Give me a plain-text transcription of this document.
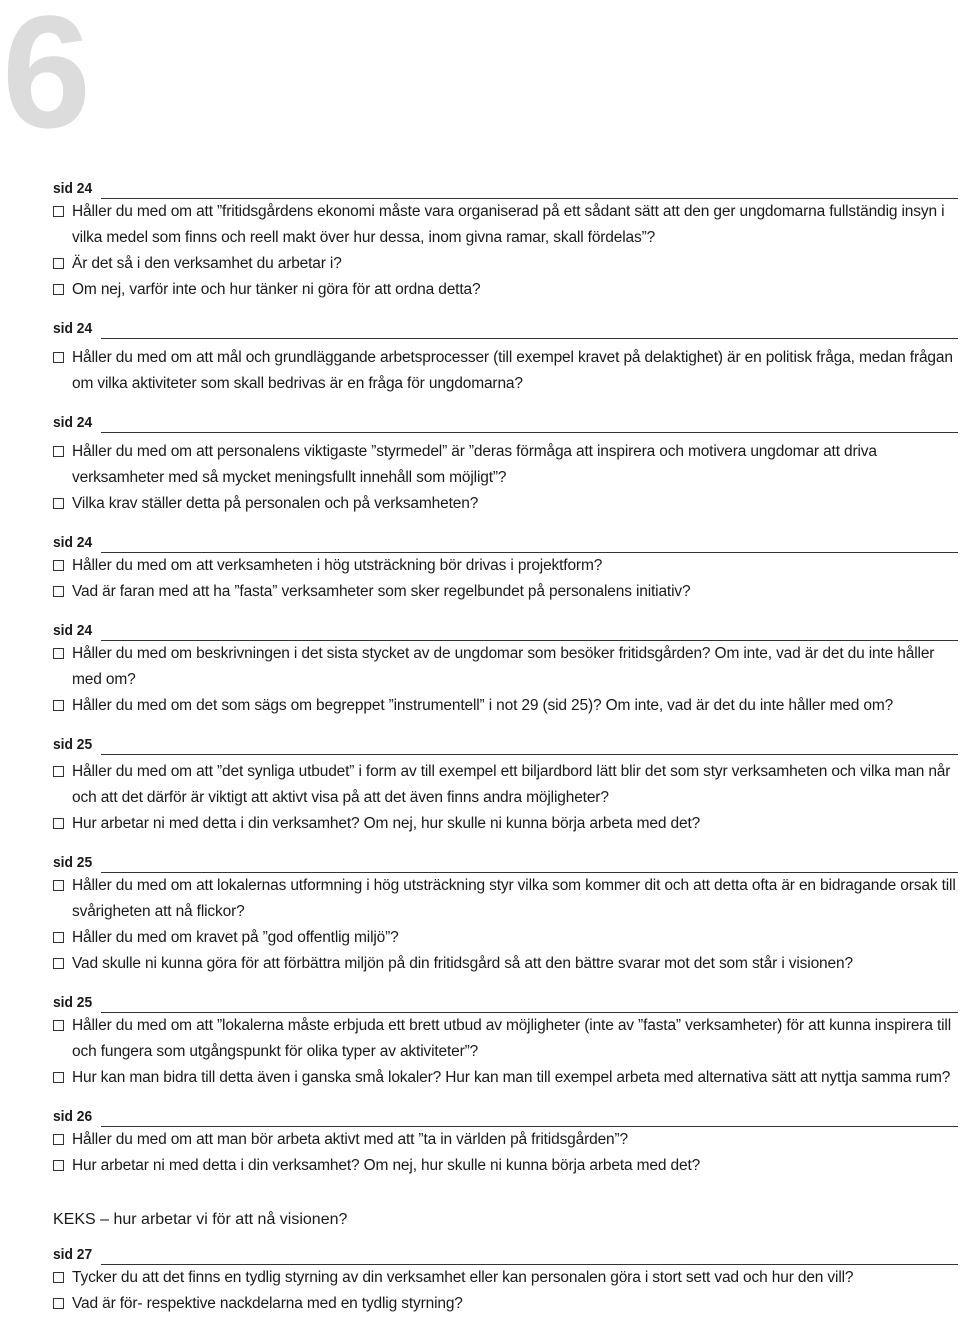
6
sid 24
Håller du med om att ”fritidsgårdens ekonomi måste vara organiserad på ett sådant sätt att den ger ungdomarna fullständig insyn i vilka medel som finns och reell makt över hur dessa, inom givna ramar, skall fördelas”?
Är det så i den verksamhet du arbetar i?
Om nej, varför inte och hur tänker ni göra för att ordna detta?
sid 24
Håller du med om att mål och grundläggande arbetsprocesser (till exempel kravet på delaktighet) är en politisk fråga, medan frågan om vilka aktiviteter som skall bedrivas är en fråga för ungdomarna?
sid 24
Håller du med om att personalens viktigaste ”styrmedel” är ”deras förmåga att inspirera och motivera ungdomar att driva verksamheter med så mycket meningsfullt innehåll som möjligt”?
Vilka krav ställer detta på personalen och på verksamheten?
sid 24
Håller du med om att verksamheten i hög utsträckning bör drivas i projektform?
Vad är faran med att ha ”fasta” verksamheter som sker regelbundet på personalens initiativ?
sid 24
Håller du med om beskrivningen i det sista stycket av de ungdomar som besöker fritidsgården? Om inte, vad är det du inte håller med om?
Håller du med om det som sägs om begreppet ”instrumentell” i not 29 (sid 25)? Om inte, vad är det du inte håller med om?
sid 25
Håller du med om att ”det synliga utbudet” i form av till exempel ett biljardbord lätt blir det som styr verksamheten och vilka man når och att det därför är viktigt att aktivt visa på att det även finns andra möjligheter?
Hur arbetar ni med detta i din verksamhet? Om nej, hur skulle ni kunna börja arbeta med det?
sid 25
Håller du med om att lokalernas utformning i hög utsträckning styr vilka som kommer dit och att detta ofta är en bidragande orsak till svårigheten att nå flickor?
Håller du med om kravet på ”god offentlig miljö”?
Vad skulle ni kunna göra för att förbättra miljön på din fritidsgård så att den bättre svarar mot det som står i visionen?
sid 25
Håller du med om att ”lokalerna måste erbjuda ett brett utbud av möjligheter (inte av ”fasta” verksamheter) för att kunna inspirera till och fungera som utgångspunkt för olika typer av aktiviteter”?
Hur kan man bidra till detta även i ganska små lokaler? Hur kan man till exempel arbeta med alternativa sätt att nyttja samma rum?
sid 26
Håller du med om att man bör arbeta aktivt med att ”ta in världen på fritidsgården”?
Hur arbetar ni med detta i din verksamhet? Om nej, hur skulle ni kunna börja arbeta med det?
KEKS – hur arbetar vi för att nå visionen?
sid 27
Tycker du att det finns en tydlig styrning av din verksamhet eller kan personalen göra i stort sett vad och hur den vill?
Vad är för- respektive nackdelarna med en tydlig styrning?
